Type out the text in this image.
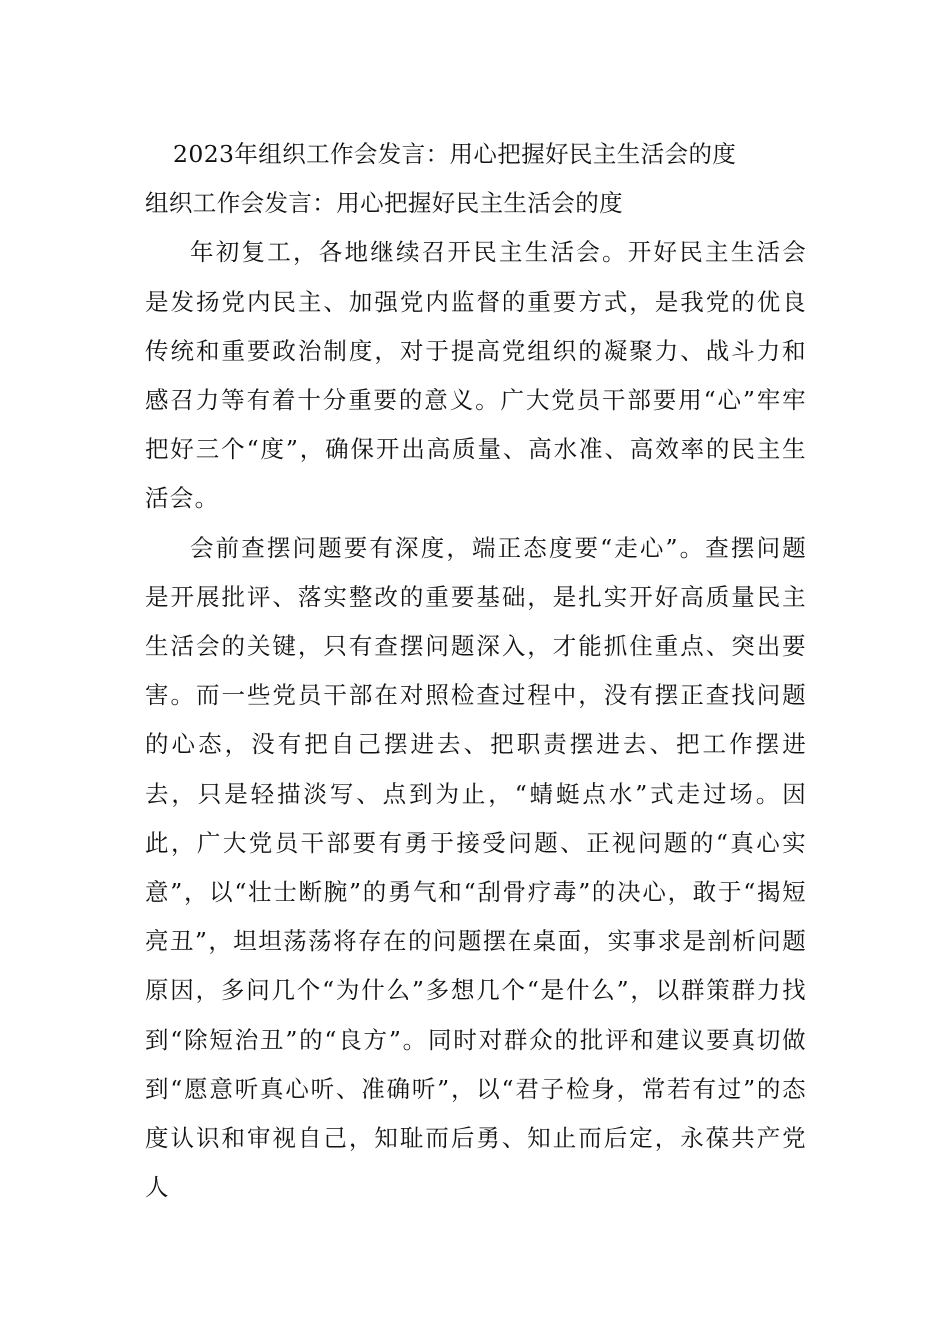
2023年组织工作会发言：用心把握好民主生活会的度
组织工作会发言：用心把握好民主生活会的度

年初复工，各地继续召开民主生活会。开好民主生活会是发扬党内民主、加强党内监督的重要方式，是我党的优良传统和重要政治制度，对于提高党组织的凝聚力、战斗力和感召力等有着十分重要的意义。广大党员干部要用“心”牢牢把好三个“度”，确保开出高质量、高水准、高效率的民主生活会。

会前查摆问题要有深度，端正态度要“走心”。查摆问题是开展批评、落实整改的重要基础，是扎实开好高质量民主生活会的关键，只有查摆问题深入，才能抓住重点、突出要害。而一些党员干部在对照检查过程中，没有摆正查找问题的心态，没有把自己摆进去、把职责摆进去、把工作摆进去，只是轻描淡写、点到为止，“蜻蜓点水”式走过场。因此，广大党员干部要有勇于接受问题、正视问题的“真心实意”，以“壮士断腕”的勇气和“刮骨疗毒”的决心，敢于“揭短亮丑”，坦坦荡荡将存在的问题摆在桌面，实事求是剖析问题原因，多问几个“为什么”多想几个“是什么”，以群策群力找到“除短治丑”的“良方”。同时对群众的批评和建议要真切做到“愿意听真心听、准确听”，以“君子检身，常若有过”的态度认识和审视自己，知耻而后勇、知止而后定，永葆共产党人
